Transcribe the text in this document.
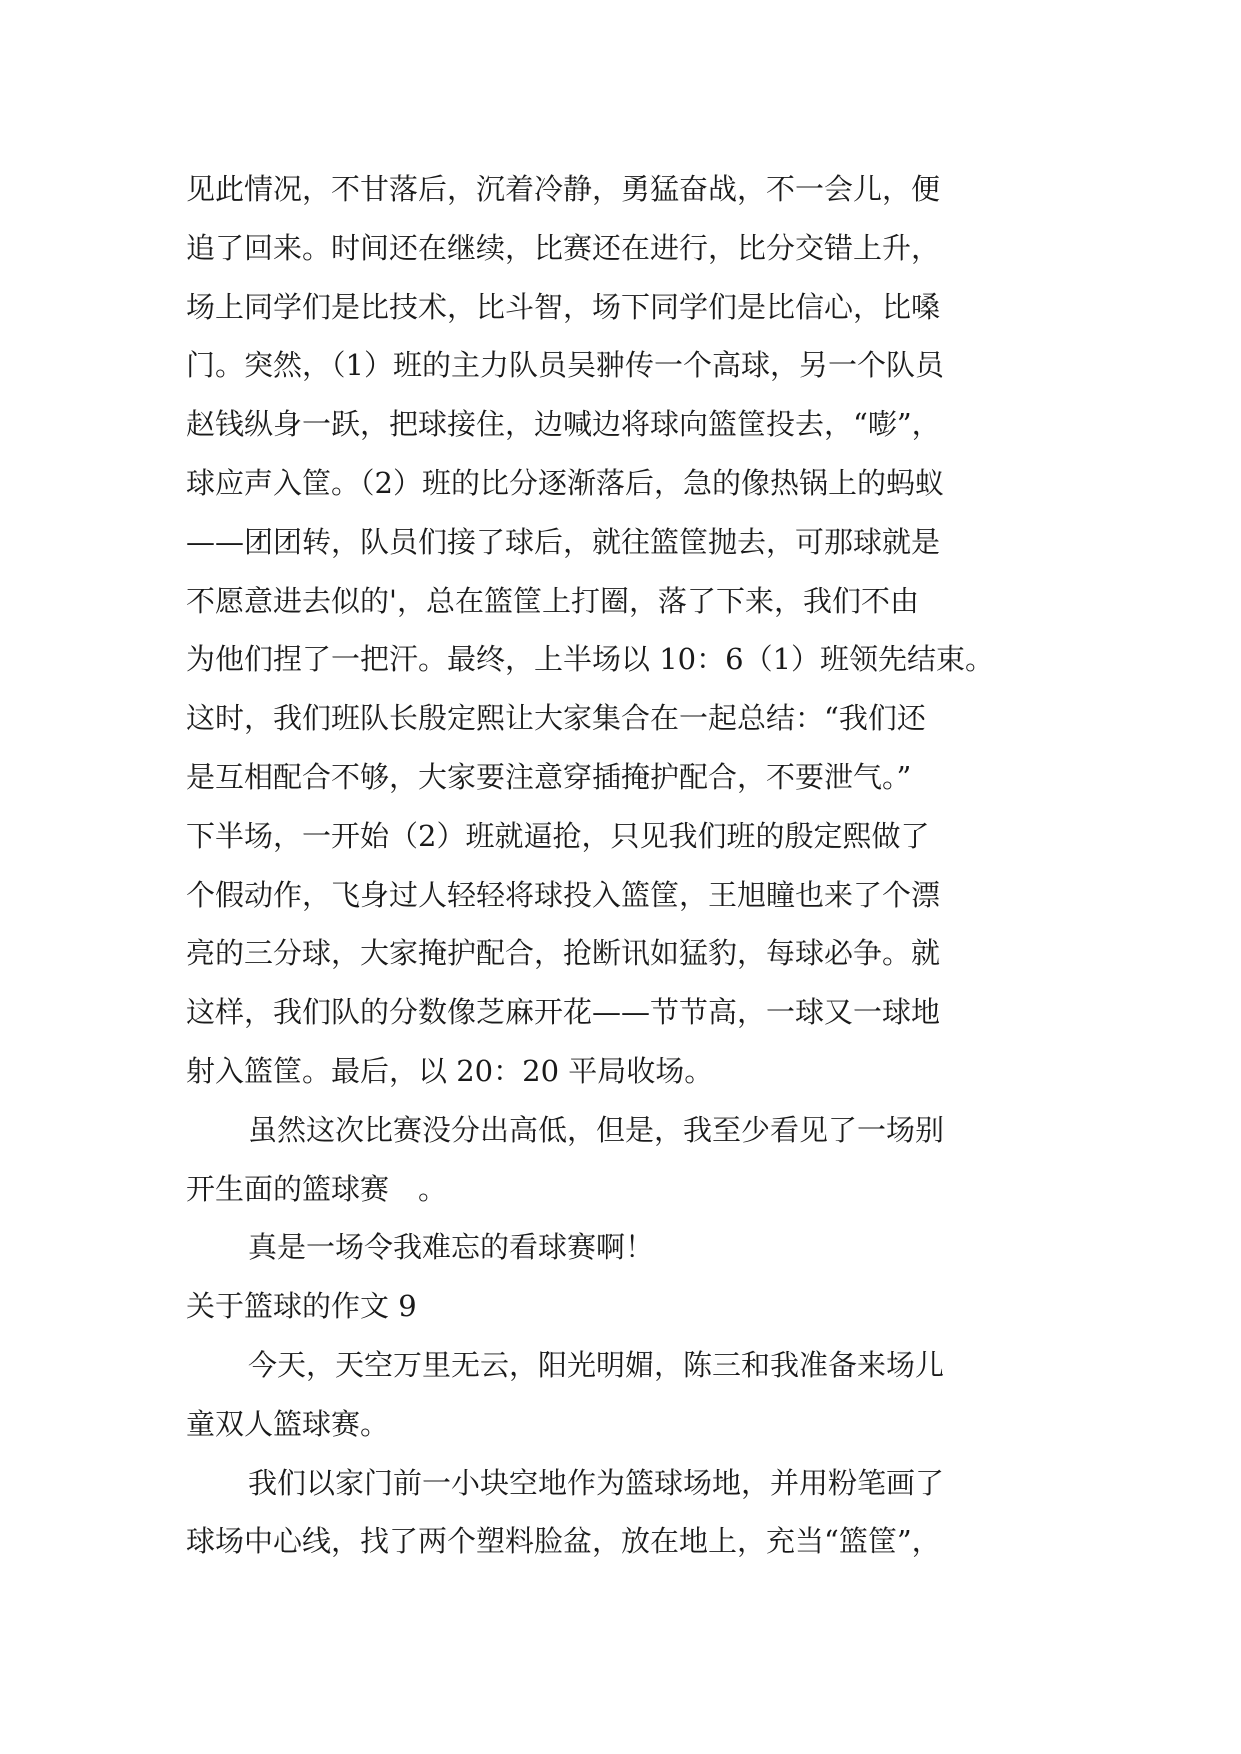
见此情况，不甘落后，沉着冷静，勇猛奋战，不一会儿，便
追了回来。时间还在继续，比赛还在进行，比分交错上升，
场上同学们是比技术，比斗智，场下同学们是比信心，比嗓
门。突然，（1）班的主力队员吴翀传一个高球，另一个队员
赵钱纵身一跃，把球接住，边喊边将球向篮筐投去，“嘭”，
球应声入筐。（2）班的比分逐渐落后，急的像热锅上的蚂蚁
——团团转，队员们接了球后，就往篮筐抛去，可那球就是
不愿意进去似的'，总在篮筐上打圈，落了下来，我们不由
为他们捏了一把汗。最终，上半场以 10：6（1）班领先结束。
这时，我们班队长殷定熙让大家集合在一起总结：“我们还
是互相配合不够，大家要注意穿插掩护配合，不要泄气。”
下半场，一开始（2）班就逼抢，只见我们班的殷定熙做了
个假动作，飞身过人轻轻将球投入篮筐，王旭瞳也来了个漂
亮的三分球，大家掩护配合，抢断讯如猛豹，每球必争。就
这样，我们队的分数像芝麻开花——节节高，一球又一球地
射入篮筐。最后，以 20：20 平局收场。
虽然这次比赛没分出高低，但是，我至少看见了一场别
开生面的篮球赛　。
真是一场令我难忘的看球赛啊！
关于篮球的作文 9
今天，天空万里无云，阳光明媚，陈三和我准备来场儿
童双人篮球赛。
我们以家门前一小块空地作为篮球场地，并用粉笔画了
球场中心线，找了两个塑料脸盆，放在地上，充当“篮筐”，
